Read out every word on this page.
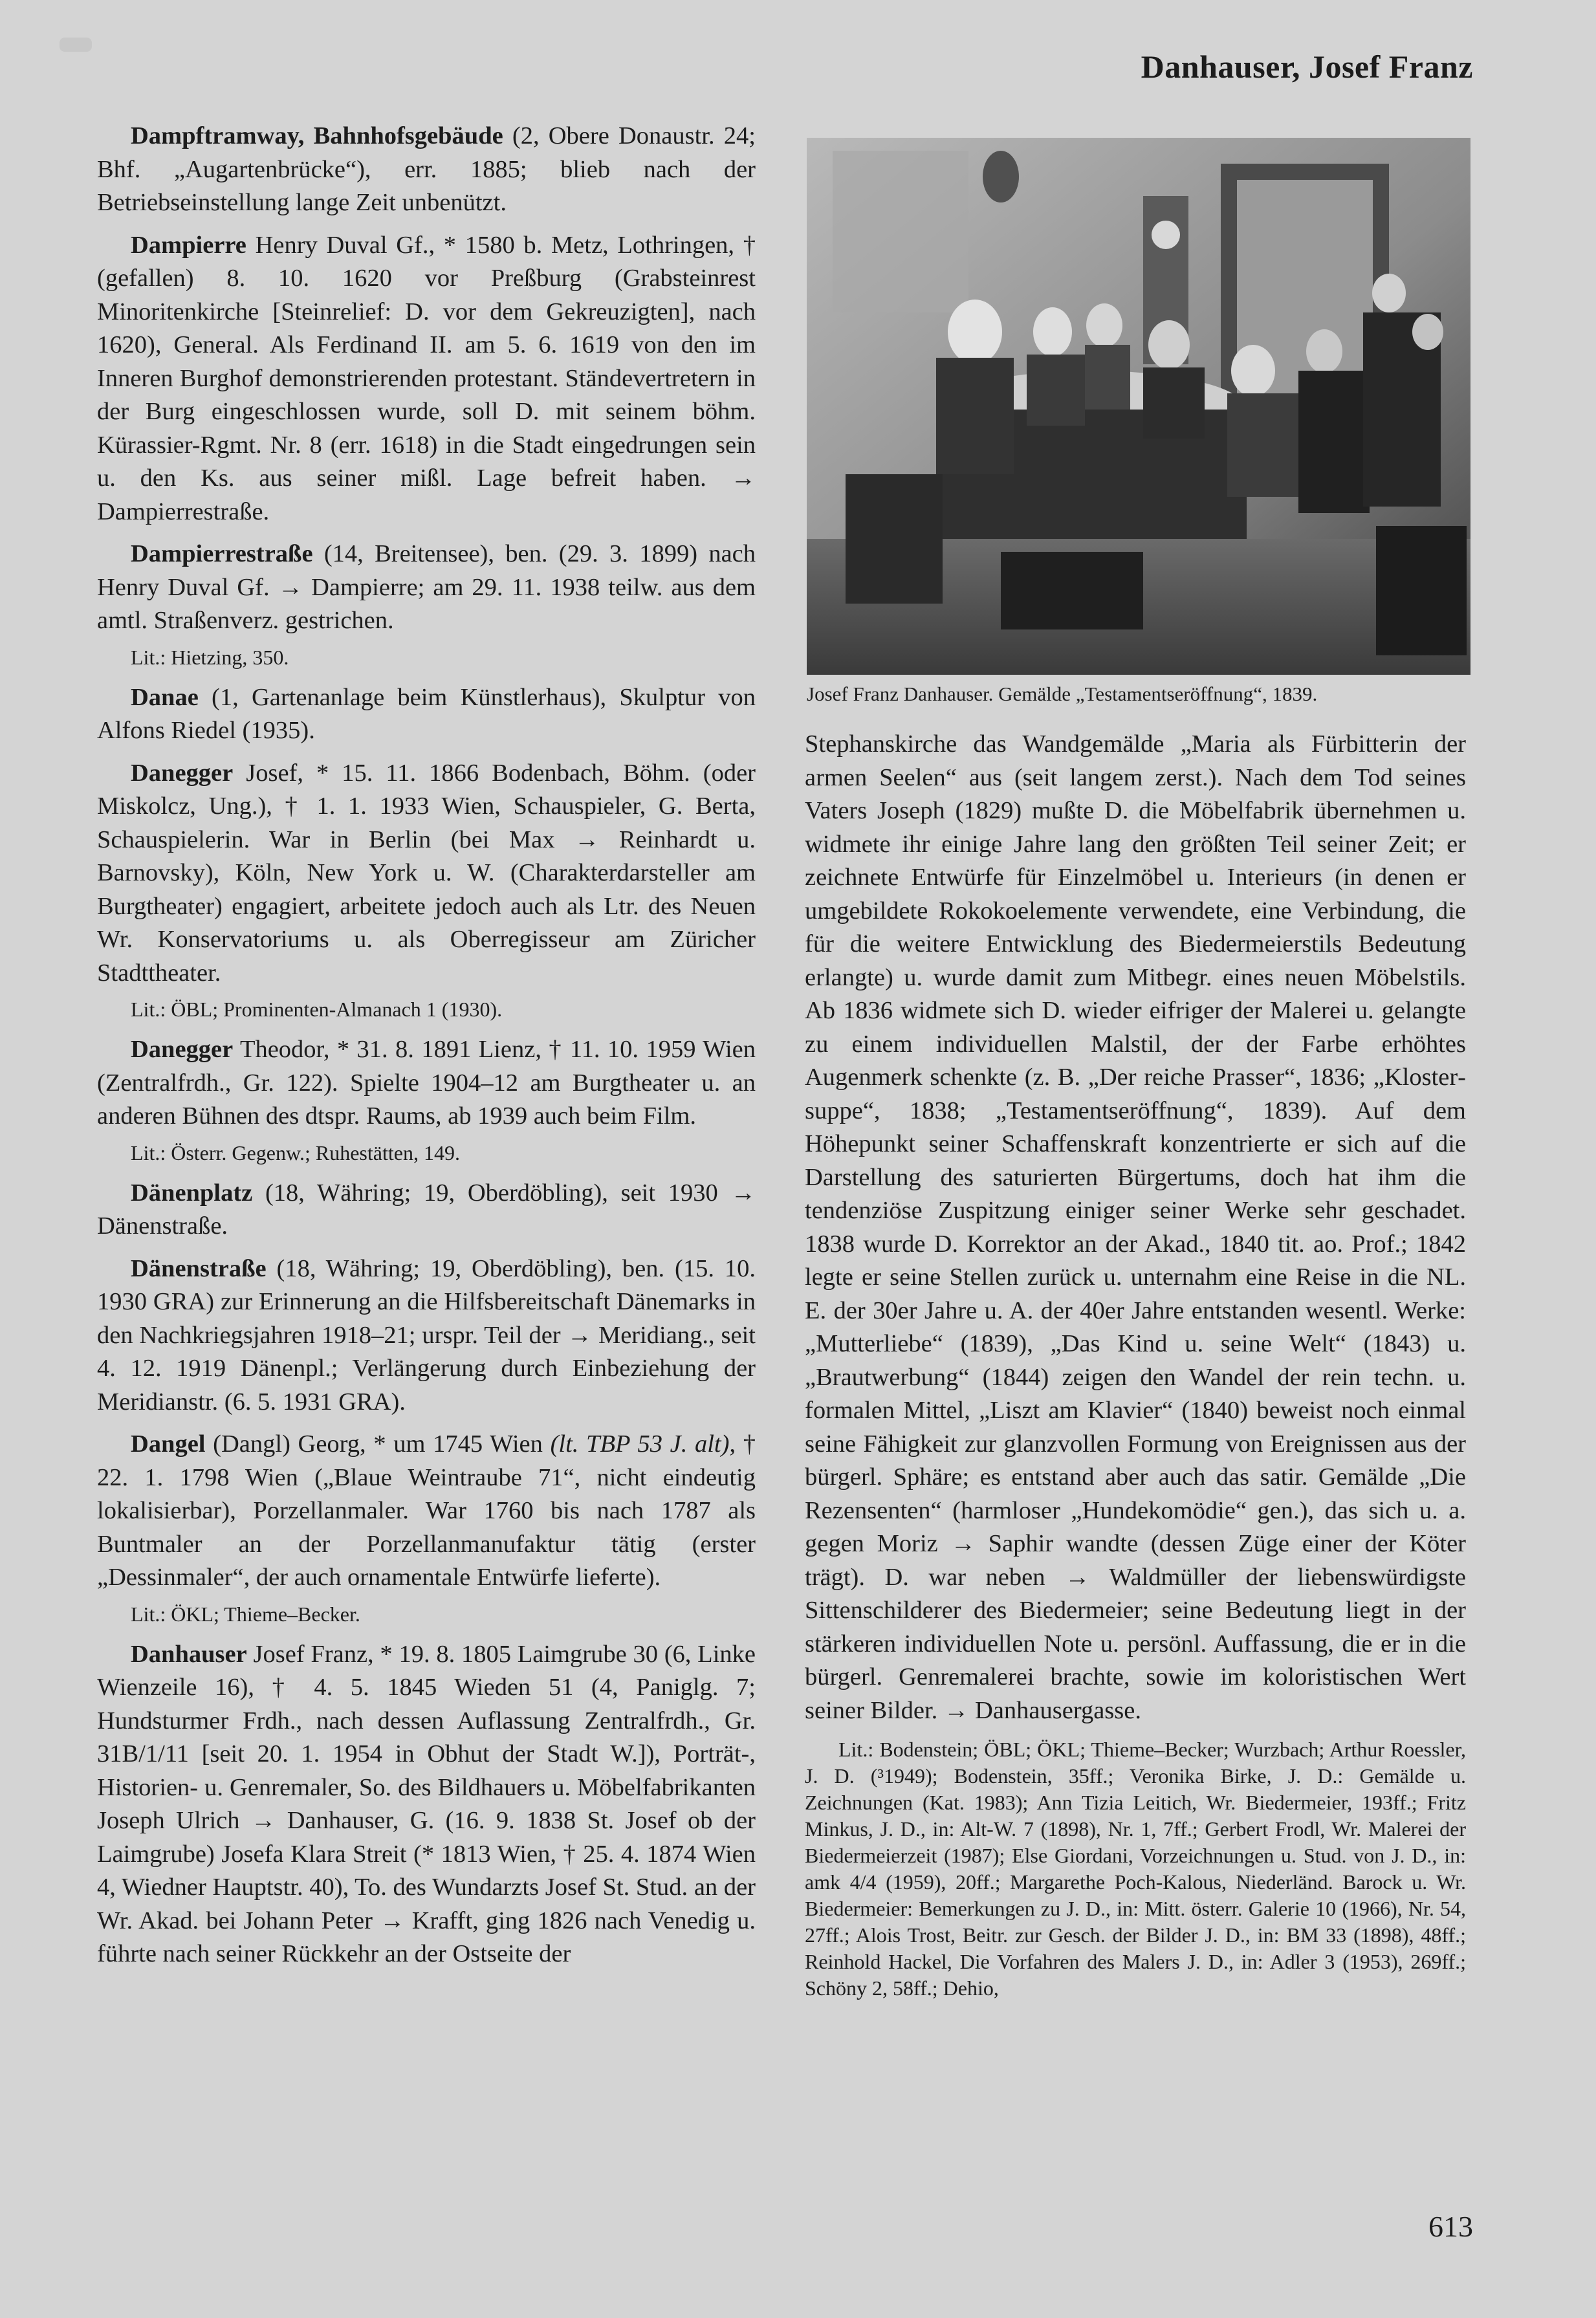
Danhauser, Josef Franz

Dampftramway, Bahnhofsgebäude (2, Obere Donaustr. 24; Bhf. „Augartenbrücke“), err. 1885; blieb nach der Betriebseinstellung lange Zeit unbenützt.

Dampierre Henry Duval Gf., * 1580 b. Metz, Lothringen, † (gefallen) 8. 10. 1620 vor Preßburg (Grabsteinrest Minoritenkirche [Steinrelief: D. vor dem Gekreuzigten], nach 1620), General. Als Ferdinand II. am 5. 6. 1619 von den im Inneren Burghof demonstrierenden protestant. Ständevertretern in der Burg eingeschlossen wurde, soll D. mit seinem böhm. Kürassier-Rgmt. Nr. 8 (err. 1618) in die Stadt eingedrungen sein u. den Ks. aus seiner mißl. Lage befreit haben. → Dampierrestraße.

Dampierrestraße (14, Breitensee), ben. (29. 3. 1899) nach Henry Duval Gf. → Dampierre; am 29. 11. 1938 teilw. aus dem amtl. Straßenverz. gestrichen.

Lit.: Hietzing, 350.

Danae (1, Gartenanlage beim Künstlerhaus), Skulptur von Alfons Riedel (1935).

Danegger Josef, * 15. 11. 1866 Bodenbach, Böhm. (oder Miskolcz, Ung.), † 1. 1. 1933 Wien, Schauspieler, G. Berta, Schauspielerin. War in Berlin (bei Max → Reinhardt u. Barnovsky), Köln, New York u. W. (Charakterdarsteller am Burgtheater) engagiert, arbeitete jedoch auch als Ltr. des Neuen Wr. Konservatoriums u. als Oberregisseur am Züricher Stadttheater.

Lit.: ÖBL; Prominenten-Almanach 1 (1930).

Danegger Theodor, * 31. 8. 1891 Lienz, † 11. 10. 1959 Wien (Zentralfrdh., Gr. 122). Spielte 1904–12 am Burgtheater u. an anderen Bühnen des dtspr. Raums, ab 1939 auch beim Film.

Lit.: Österr. Gegenw.; Ruhestätten, 149.

Dänenplatz (18, Währing; 19, Oberdöbling), seit 1930 → Dänenstraße.

Dänenstraße (18, Währing; 19, Oberdöbling), ben. (15. 10. 1930 GRA) zur Erinnerung an die Hilfsbereitschaft Dänemarks in den Nachkriegsjahren 1918–21; urspr. Teil der → Meridiang., seit 4. 12. 1919 Dänenpl.; Verlängerung durch Einbeziehung der Meridianstr. (6. 5. 1931 GRA).

Dangel (Dangl) Georg, * um 1745 Wien (lt. TBP 53 J. alt), † 22. 1. 1798 Wien („Blaue Weintraube 71“, nicht eindeutig lokalisierbar), Porzellanmaler. War 1760 bis nach 1787 als Buntmaler an der Porzellanmanufaktur tätig (erster „Dessinmaler“, der auch ornamentale Entwürfe lieferte).

Lit.: ÖKL; Thieme–Becker.

Danhauser Josef Franz, * 19. 8. 1805 Laimgrube 30 (6, Linke Wienzeile 16), † 4. 5. 1845 Wieden 51 (4, Paniglg. 7; Hundsturmer Frdh., nach dessen Auflassung Zentralfrdh., Gr. 31B/1/11 [seit 20. 1. 1954 in Obhut der Stadt W.]), Porträt-, Historien- u. Genremaler, So. des Bildhauers u. Möbelfabrikanten Joseph Ulrich → Danhauser, G. (16. 9. 1838 St. Josef ob der Laimgrube) Josefa Klara Streit (* 1813 Wien, † 25. 4. 1874 Wien 4, Wiedner Hauptstr. 40), To. des Wundarzts Josef St. Stud. an der Wr. Akad. bei Johann Peter → Krafft, ging 1826 nach Venedig u. führte nach seiner Rückkehr an der Ostseite der

Josef Franz Danhauser. Gemälde „Testamentseröffnung“, 1839.

Stephanskirche das Wandgemälde „Maria als Fürbitterin der armen Seelen“ aus (seit langem zerst.). Nach dem Tod seines Vaters Joseph (1829) mußte D. die Möbelfabrik übernehmen u. widmete ihr einige Jahre lang den größten Teil seiner Zeit; er zeichnete Entwürfe für Einzelmöbel u. Interieurs (in denen er umgebildete Rokokoelemente verwendete, eine Verbindung, die für die weitere Entwicklung des Biedermeierstils Bedeutung erlangte) u. wurde damit zum Mitbegr. eines neuen Möbelstils. Ab 1836 widmete sich D. wieder eifriger der Malerei u. gelangte zu einem individuellen Malstil, der der Farbe erhöhtes Augenmerk schenkte (z. B. „Der reiche Prasser“, 1836; „Klostersuppe“, 1838; „Testamentseröffnung“, 1839). Auf dem Höhepunkt seiner Schaffenskraft konzentrierte er sich auf die Darstellung des saturierten Bürgertums, doch hat ihm die tendenziöse Zuspitzung einiger seiner Werke sehr geschadet. 1838 wurde D. Korrektor an der Akad., 1840 tit. ao. Prof.; 1842 legte er seine Stellen zurück u. unternahm eine Reise in die NL. E. der 30er Jahre u. A. der 40er Jahre entstanden wesentl. Werke: „Mutterliebe“ (1839), „Das Kind u. seine Welt“ (1843) u. „Brautwerbung“ (1844) zeigen den Wandel der rein techn. u. formalen Mittel, „Liszt am Klavier“ (1840) beweist noch einmal seine Fähigkeit zur glanzvollen Formung von Ereignissen aus der bürgerl. Sphäre; es entstand aber auch das satir. Gemälde „Die Rezensenten“ (harmloser „Hundekomödie“ gen.), das sich u. a. gegen Moriz → Saphir wandte (dessen Züge einer der Köter trägt). D. war neben → Waldmüller der liebenswürdigste Sittenschilderer des Biedermeier; seine Bedeutung liegt in der stärkeren individuellen Note u. persönl. Auffassung, die er in die bürgerl. Genremalerei brachte, sowie im koloristischen Wert seiner Bilder. → Danhausergasse.

Lit.: Bodenstein; ÖBL; ÖKL; Thieme–Becker; Wurzbach; Arthur Roessler, J. D. (³1949); Bodenstein, 35ff.; Veronika Birke, J. D.: Gemälde u. Zeichnungen (Kat. 1983); Ann Tizia Leitich, Wr. Biedermeier, 193ff.; Fritz Minkus, J. D., in: Alt-W. 7 (1898), Nr. 1, 7ff.; Gerbert Frodl, Wr. Malerei der Biedermeierzeit (1987); Else Giordani, Vorzeichnungen u. Stud. von J. D., in: amk 4/4 (1959), 20ff.; Margarethe Poch-Kalous, Niederländ. Barock u. Wr. Biedermeier: Bemerkungen zu J. D., in: Mitt. österr. Galerie 10 (1966), Nr. 54, 27ff.; Alois Trost, Beitr. zur Gesch. der Bilder J. D., in: BM 33 (1898), 48ff.; Reinhold Hackel, Die Vorfahren des Malers J. D., in: Adler 3 (1953), 269ff.; Schöny 2, 58ff.; Dehio,
613
